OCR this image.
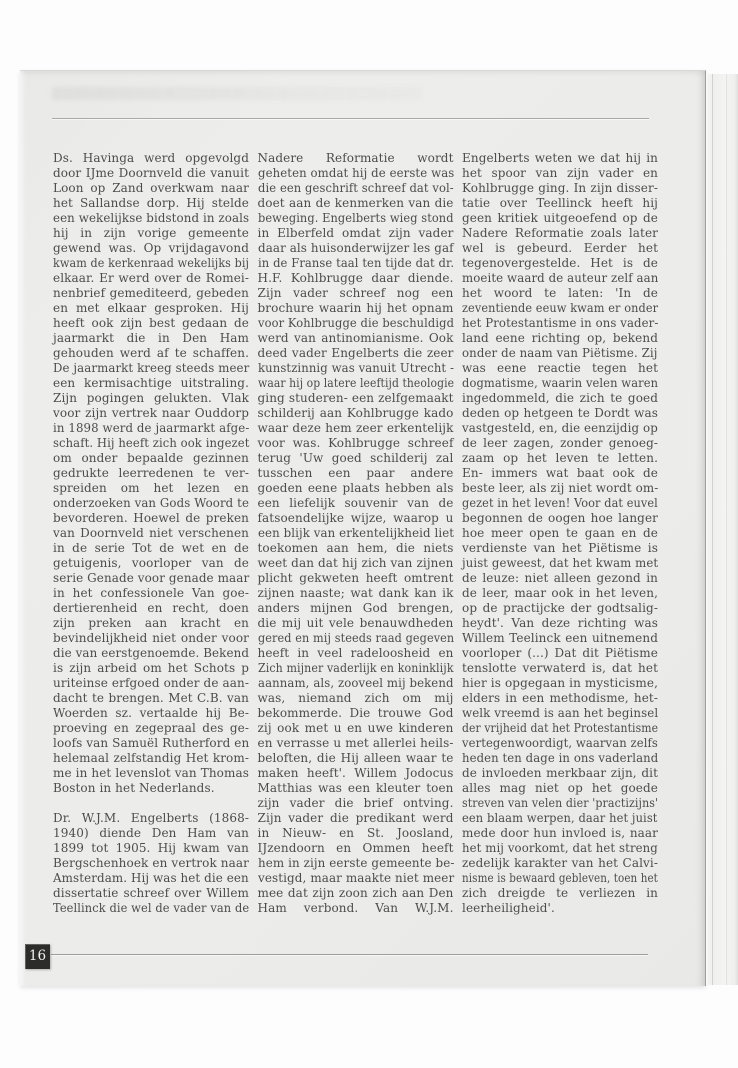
Ds. Havinga werd opgevolgd
door IJme Doornveld die vanuit
Loon op Zand overkwam naar
het Sallandse dorp. Hij stelde
een wekelijkse bidstond in zoals
hij in zijn vorige gemeente
gewend was. Op vrijdagavond
kwam de kerkenraad wekelijks bij
elkaar. Er werd over de Romei-
nenbrief gemediteerd, gebeden
en met elkaar gesproken. Hij
heeft ook zijn best gedaan de
jaarmarkt die in Den Ham
gehouden werd af te schaffen.
De jaarmarkt kreeg steeds meer
een kermisachtige uitstraling.
Zijn pogingen gelukten. Vlak
voor zijn vertrek naar Ouddorp
in 1898 werd de jaarmarkt afge-
schaft. Hij heeft zich ook ingezet
om onder bepaalde gezinnen
gedrukte leerredenen te ver-
spreiden om het lezen en
onderzoeken van Gods Woord te
bevorderen. Hoewel de preken
van Doornveld niet verschenen
in de serie Tot de wet en de
getuigenis, voorloper van de
serie Genade voor genade maar
in het confessionele Van goe-
dertierenheid en recht, doen
zijn preken aan kracht en
bevindelijkheid niet onder voor
die van eerstgenoemde. Bekend
is zijn arbeid om het Schots p
uriteinse erfgoed onder de aan-
dacht te brengen. Met C.B. van
Woerden sz. vertaalde hij Be-
proeving en zegepraal des ge-
loofs van Samuël Rutherford en
helemaal zelfstandig Het krom-
me in het levenslot van Thomas
Boston in het Nederlands.
Dr. W.J.M. Engelberts (1868-
1940) diende Den Ham van
1899 tot 1905. Hij kwam van
Bergschenhoek en vertrok naar
Amsterdam. Hij was het die een
dissertatie schreef over Willem
Teellinck die wel de vader van de
Nadere Reformatie wordt
geheten omdat hij de eerste was
die een geschrift schreef dat vol-
doet aan de kenmerken van die
beweging. Engelberts wieg stond
in Elberfeld omdat zijn vader
daar als huisonderwijzer les gaf
in de Franse taal ten tijde dat dr.
H.F. Kohlbrugge daar diende.
Zijn vader schreef nog een
brochure waarin hij het opnam
voor Kohlbrugge die beschuldigd
werd van antinomianisme. Ook
deed vader Engelberts die zeer
kunstzinnig was vanuit Utrecht -
waar hij op latere leeftijd theologie
ging studeren- een zelfgemaakt
schilderij aan Kohlbrugge kado
waar deze hem zeer erkentelijk
voor was. Kohlbrugge schreef
terug 'Uw goed schilderij zal
tusschen een paar andere
goeden eene plaats hebben als
een liefelijk souvenir van de
fatsoendelijke wijze, waarop u
een blijk van erkentelijkheid liet
toekomen aan hem, die niets
weet dan dat hij zich van zijnen
plicht gekweten heeft omtrent
zijnen naaste; wat dank kan ik
anders mijnen God brengen,
die mij uit vele benauwdheden
gered en mij steeds raad gegeven
heeft in veel radeloosheid en
Zich mijner vaderlijk en koninklijk
aannam, als, zooveel mij bekend
was, niemand zich om mij
bekommerde. Die trouwe God
zij ook met u en uwe kinderen
en verrasse u met allerlei heils-
beloften, die Hij alleen waar te
maken heeft'. Willem Jodocus
Matthias was een kleuter toen
zijn vader die brief ontving.
Zijn vader die predikant werd
in Nieuw- en St. Joosland,
IJzendoorn en Ommen heeft
hem in zijn eerste gemeente be-
vestigd, maar maakte niet meer
mee dat zijn zoon zich aan Den
Ham verbond. Van W.J.M.
Engelberts weten we dat hij in
het spoor van zijn vader en
Kohlbrugge ging. In zijn disser-
tatie over Teellinck heeft hij
geen kritiek uitgeoefend op de
Nadere Reformatie zoals later
wel is gebeurd. Eerder het
tegenovergestelde. Het is de
moeite waard de auteur zelf aan
het woord te laten: 'In de
zeventiende eeuw kwam er onder
het Protestantisme in ons vader-
land eene richting op, bekend
onder de naam van Piëtisme. Zij
was eene reactie tegen het
dogmatisme, waarin velen waren
ingedommeld, die zich te goed
deden op hetgeen te Dordt was
vastgesteld, en, die eenzijdig op
de leer zagen, zonder genoeg-
zaam op het leven te letten.
En- immers wat baat ook de
beste leer, als zij niet wordt om-
gezet in het leven! Voor dat euvel
begonnen de oogen hoe langer
hoe meer open te gaan en de
verdienste van het Piëtisme is
juist geweest, dat het kwam met
de leuze: niet alleen gezond in
de leer, maar ook in het leven,
op de practijcke der godtsalig-
heydt'. Van deze richting was
Willem Teelinck een uitnemend
voorloper (...) Dat dit Piëtisme
tenslotte verwaterd is, dat het
hier is opgegaan in mysticisme,
elders in een methodisme, het-
welk vreemd is aan het beginsel
der vrijheid dat het Protestantisme
vertegenwoordigt, waarvan zelfs
heden ten dage in ons vaderland
de invloeden merkbaar zijn, dit
alles mag niet op het goede
streven van velen dier 'practizijns'
een blaam werpen, daar het juist
mede door hun invloed is, naar
het mij voorkomt, dat het streng
zedelijk karakter van het Calvi-
nisme is bewaard gebleven, toen het
zich dreigde te verliezen in
leerheiligheid'.
16
